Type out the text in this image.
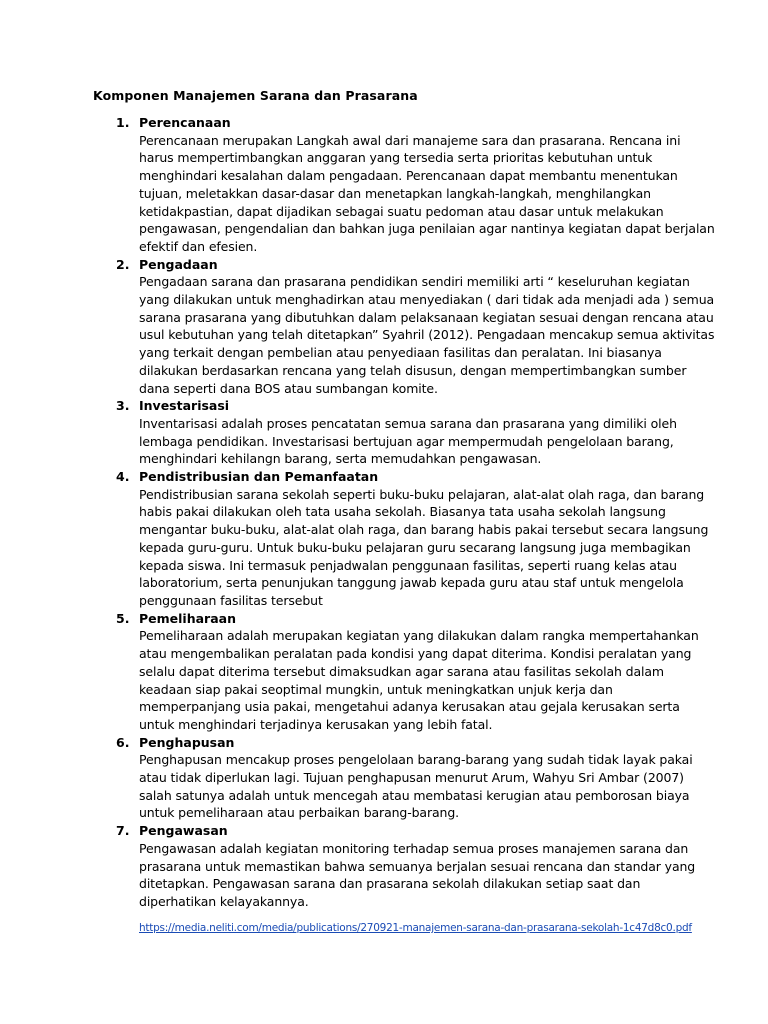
Komponen Manajemen Sarana dan Prasarana
1. Perencanaan
Perencanaan merupakan Langkah awal dari manajeme sara dan prasarana. Rencana ini
harus mempertimbangkan anggaran yang tersedia serta prioritas kebutuhan untuk
menghindari kesalahan dalam pengadaan. Perencanaan dapat membantu menentukan
tujuan, meletakkan dasar-dasar dan menetapkan langkah-langkah, menghilangkan
ketidakpastian, dapat dijadikan sebagai suatu pedoman atau dasar untuk melakukan
pengawasan, pengendalian dan bahkan juga penilaian agar nantinya kegiatan dapat berjalan
efektif dan efesien.
2. Pengadaan
Pengadaan sarana dan prasarana pendidikan sendiri memiliki arti “ keseluruhan kegiatan
yang dilakukan untuk menghadirkan atau menyediakan ( dari tidak ada menjadi ada ) semua
sarana prasarana yang dibutuhkan dalam pelaksanaan kegiatan sesuai dengan rencana atau
usul kebutuhan yang telah ditetapkan” Syahril (2012). Pengadaan mencakup semua aktivitas
yang terkait dengan pembelian atau penyediaan fasilitas dan peralatan. Ini biasanya
dilakukan berdasarkan rencana yang telah disusun, dengan mempertimbangkan sumber
dana seperti dana BOS atau sumbangan komite.
3. Investarisasi
Inventarisasi adalah proses pencatatan semua sarana dan prasarana yang dimiliki oleh
lembaga pendidikan. Investarisasi bertujuan agar mempermudah pengelolaan barang,
menghindari kehilangn barang, serta memudahkan pengawasan.
4. Pendistribusian dan Pemanfaatan
Pendistribusian sarana sekolah seperti buku-buku pelajaran, alat-alat olah raga, dan barang
habis pakai dilakukan oleh tata usaha sekolah. Biasanya tata usaha sekolah langsung
mengantar buku-buku, alat-alat olah raga, dan barang habis pakai tersebut secara langsung
kepada guru-guru. Untuk buku-buku pelajaran guru secarang langsung juga membagikan
kepada siswa. Ini termasuk penjadwalan penggunaan fasilitas, seperti ruang kelas atau
laboratorium, serta penunjukan tanggung jawab kepada guru atau staf untuk mengelola
penggunaan fasilitas tersebut
5. Pemeliharaan
Pemeliharaan adalah merupakan kegiatan yang dilakukan dalam rangka mempertahankan
atau mengembalikan peralatan pada kondisi yang dapat diterima. Kondisi peralatan yang
selalu dapat diterima tersebut dimaksudkan agar sarana atau fasilitas sekolah dalam
keadaan siap pakai seoptimal mungkin, untuk meningkatkan unjuk kerja dan
memperpanjang usia pakai, mengetahui adanya kerusakan atau gejala kerusakan serta
untuk menghindari terjadinya kerusakan yang lebih fatal.
6. Penghapusan
Penghapusan mencakup proses pengelolaan barang-barang yang sudah tidak layak pakai
atau tidak diperlukan lagi. Tujuan penghapusan menurut Arum, Wahyu Sri Ambar (2007)
salah satunya adalah untuk mencegah atau membatasi kerugian atau pemborosan biaya
untuk pemeliharaan atau perbaikan barang-barang.
7. Pengawasan
Pengawasan adalah kegiatan monitoring terhadap semua proses manajemen sarana dan
prasarana untuk memastikan bahwa semuanya berjalan sesuai rencana dan standar yang
ditetapkan. Pengawasan sarana dan prasarana sekolah dilakukan setiap saat dan
diperhatikan kelayakannya.
https://media.neliti.com/media/publications/270921-manajemen-sarana-dan-prasarana-sekolah-1c47d8c0.pdf
